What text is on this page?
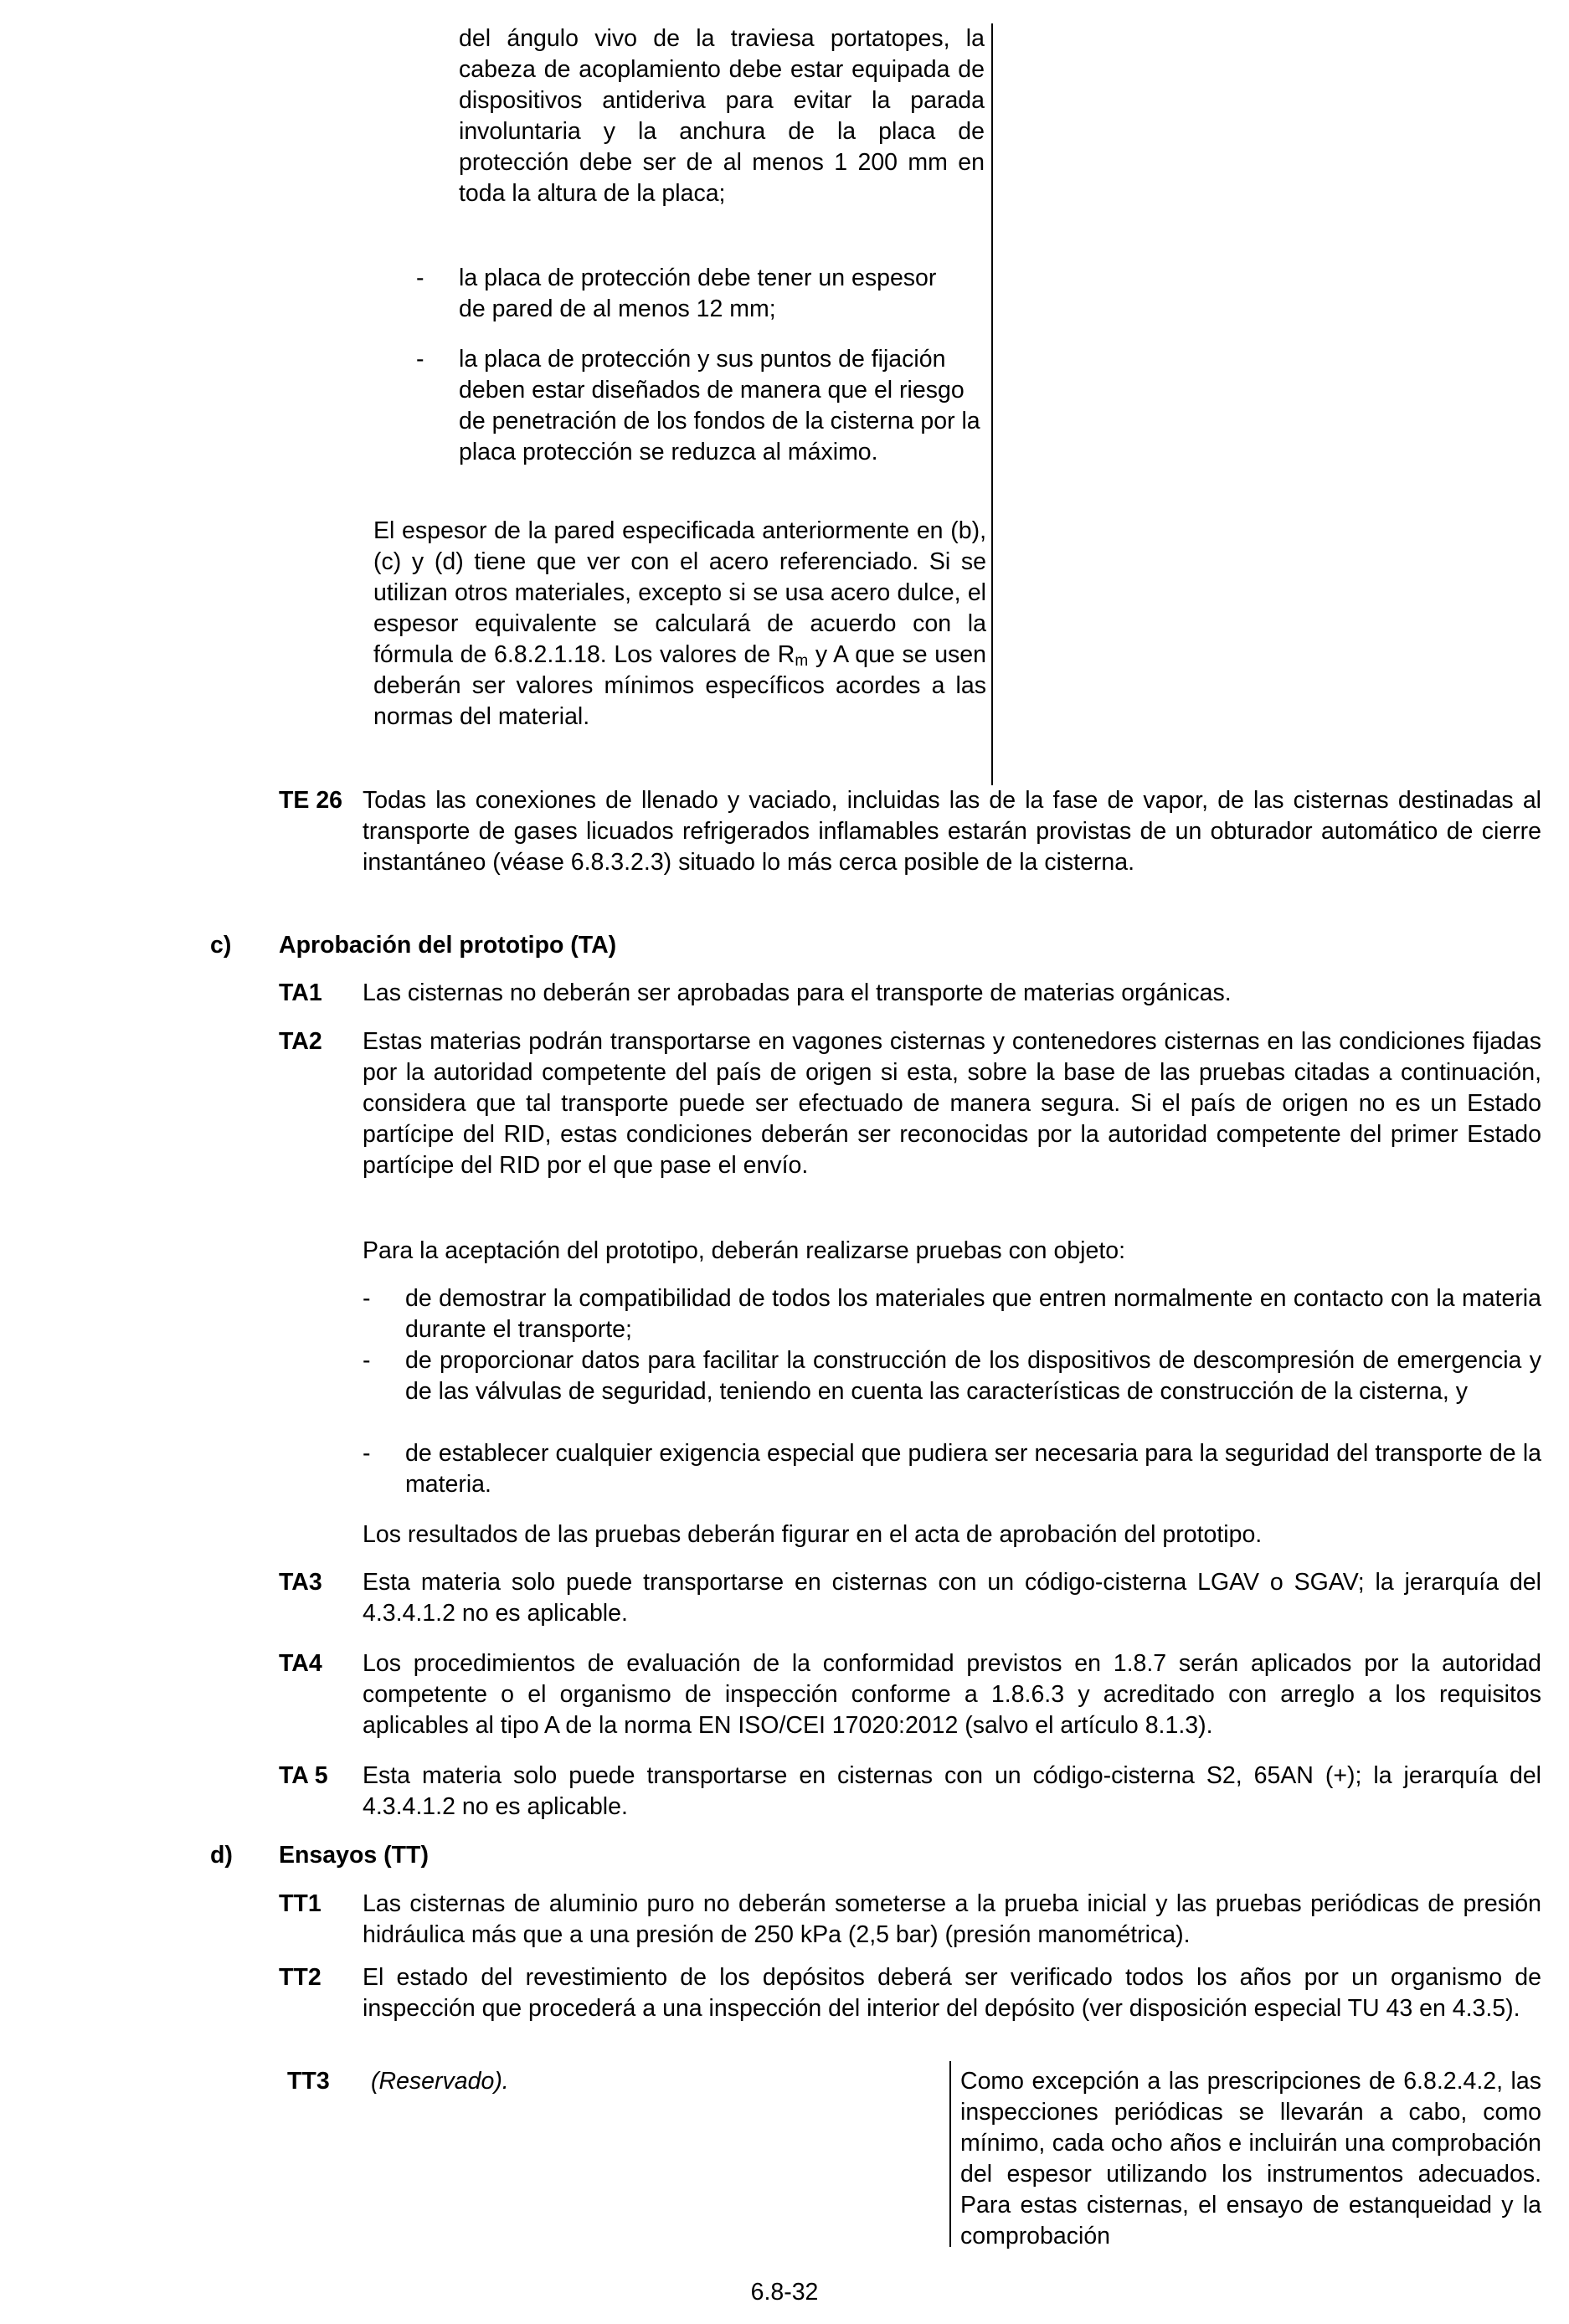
del ángulo vivo de la traviesa portatopes, la cabeza de acoplamiento debe estar equipada de dispositivos antideriva para evitar la parada involuntaria y la anchura de la placa de protección debe ser de al menos 1 200 mm en toda la altura de la placa;

- la placa de protección debe tener un espesor de pared de al menos 12 mm;

- la placa de protección y sus puntos de fijación deben estar diseñados de manera que el riesgo de penetración de los fondos de la cisterna por la placa protección se reduzca al máximo.

El espesor de la pared especificada anteriormente en (b), (c) y (d) tiene que ver con el acero referenciado. Si se utilizan otros materiales, excepto si se usa acero dulce, el espesor equivalente se calculará de acuerdo con la fórmula de 6.8.2.1.18. Los valores de $R_m$ y A que se usen deberán ser valores mínimos específicos acordes a las normas del material.

TE 26 Todas las conexiones de llenado y vaciado, incluidas las de la fase de vapor, de las cisternas destinadas al transporte de gases licuados refrigerados inflamables estarán provistas de un obturador automático de cierre instantáneo (véase 6.8.3.2.3) situado lo más cerca posible de la cisterna.

c) Aprobación del prototipo (TA)
TA1 Las cisternas no deberán ser aprobadas para el transporte de materias orgánicas.
TA2 Estas materias podrán transportarse en vagones cisternas y contenedores cisternas en las condiciones fijadas por la autoridad competente del país de origen si esta, sobre la base de las pruebas citadas a continuación, considera que tal transporte puede ser efectuado de manera segura. Si el país de origen no es un Estado partícipe del RID, estas condiciones deberán ser reconocidas por la autoridad competente del primer Estado partícipe del RID por el que pase el envío.

Para la aceptación del prototipo, deberán realizarse pruebas con objeto:
- de demostrar la compatibilidad de todos los materiales que entren normalmente en contacto con la materia durante el transporte;

- de proporcionar datos para facilitar la construcción de los dispositivos de descompresión de emergencia y de las válvulas de seguridad, teniendo en cuenta las características de construcción de la cisterna, y

- de establecer cualquier exigencia especial que pudiera ser necesaria para la seguridad del transporte de la materia.

Los resultados de las pruebas deberán figurar en el acta de aprobación del prototipo.
TA3 Esta materia solo puede transportarse en cisternas con un código-cisterna LGAV o SGAV; la jerarquía del 4.3.4.1.2 no es aplicable.

TA4 Los procedimientos de evaluación de la conformidad previstos en 1.8.7 serán aplicados por la autoridad competente o el organismo de inspección conforme a 1.8.6.3 y acreditado con arreglo a los requisitos aplicables al tipo A de la norma EN ISO/CEI 17020:2012 (salvo el artículo 8.1.3).

TA 5 Esta materia solo puede transportarse en cisternas con un código-cisterna S2, 65AN (+); la jerarquía del 4.3.4.1.2 no es aplicable.

d) Ensayos (TT)
TT1 Las cisternas de aluminio puro no deberán someterse a la prueba inicial y las pruebas periódicas de presión hidráulica más que a una presión de 250 kPa (2,5 bar) (presión manométrica).

TT2 El estado del revestimiento de los depósitos deberá ser verificado todos los años por un organismo de inspección que procederá a una inspección del interior del depósito (ver disposición especial TU 43 en 4.3.5).

TT3 (Reservado).	Como excepción a las prescripciones de 6.8.2.4.2, las inspecciones periódicas se llevarán a cabo, como mínimo, cada ocho años e incluirán una comprobación del espesor utilizando los instrumentos adecuados. Para estas cisternas, el ensayo de estanqueidad y la comprobación

6.8-32
